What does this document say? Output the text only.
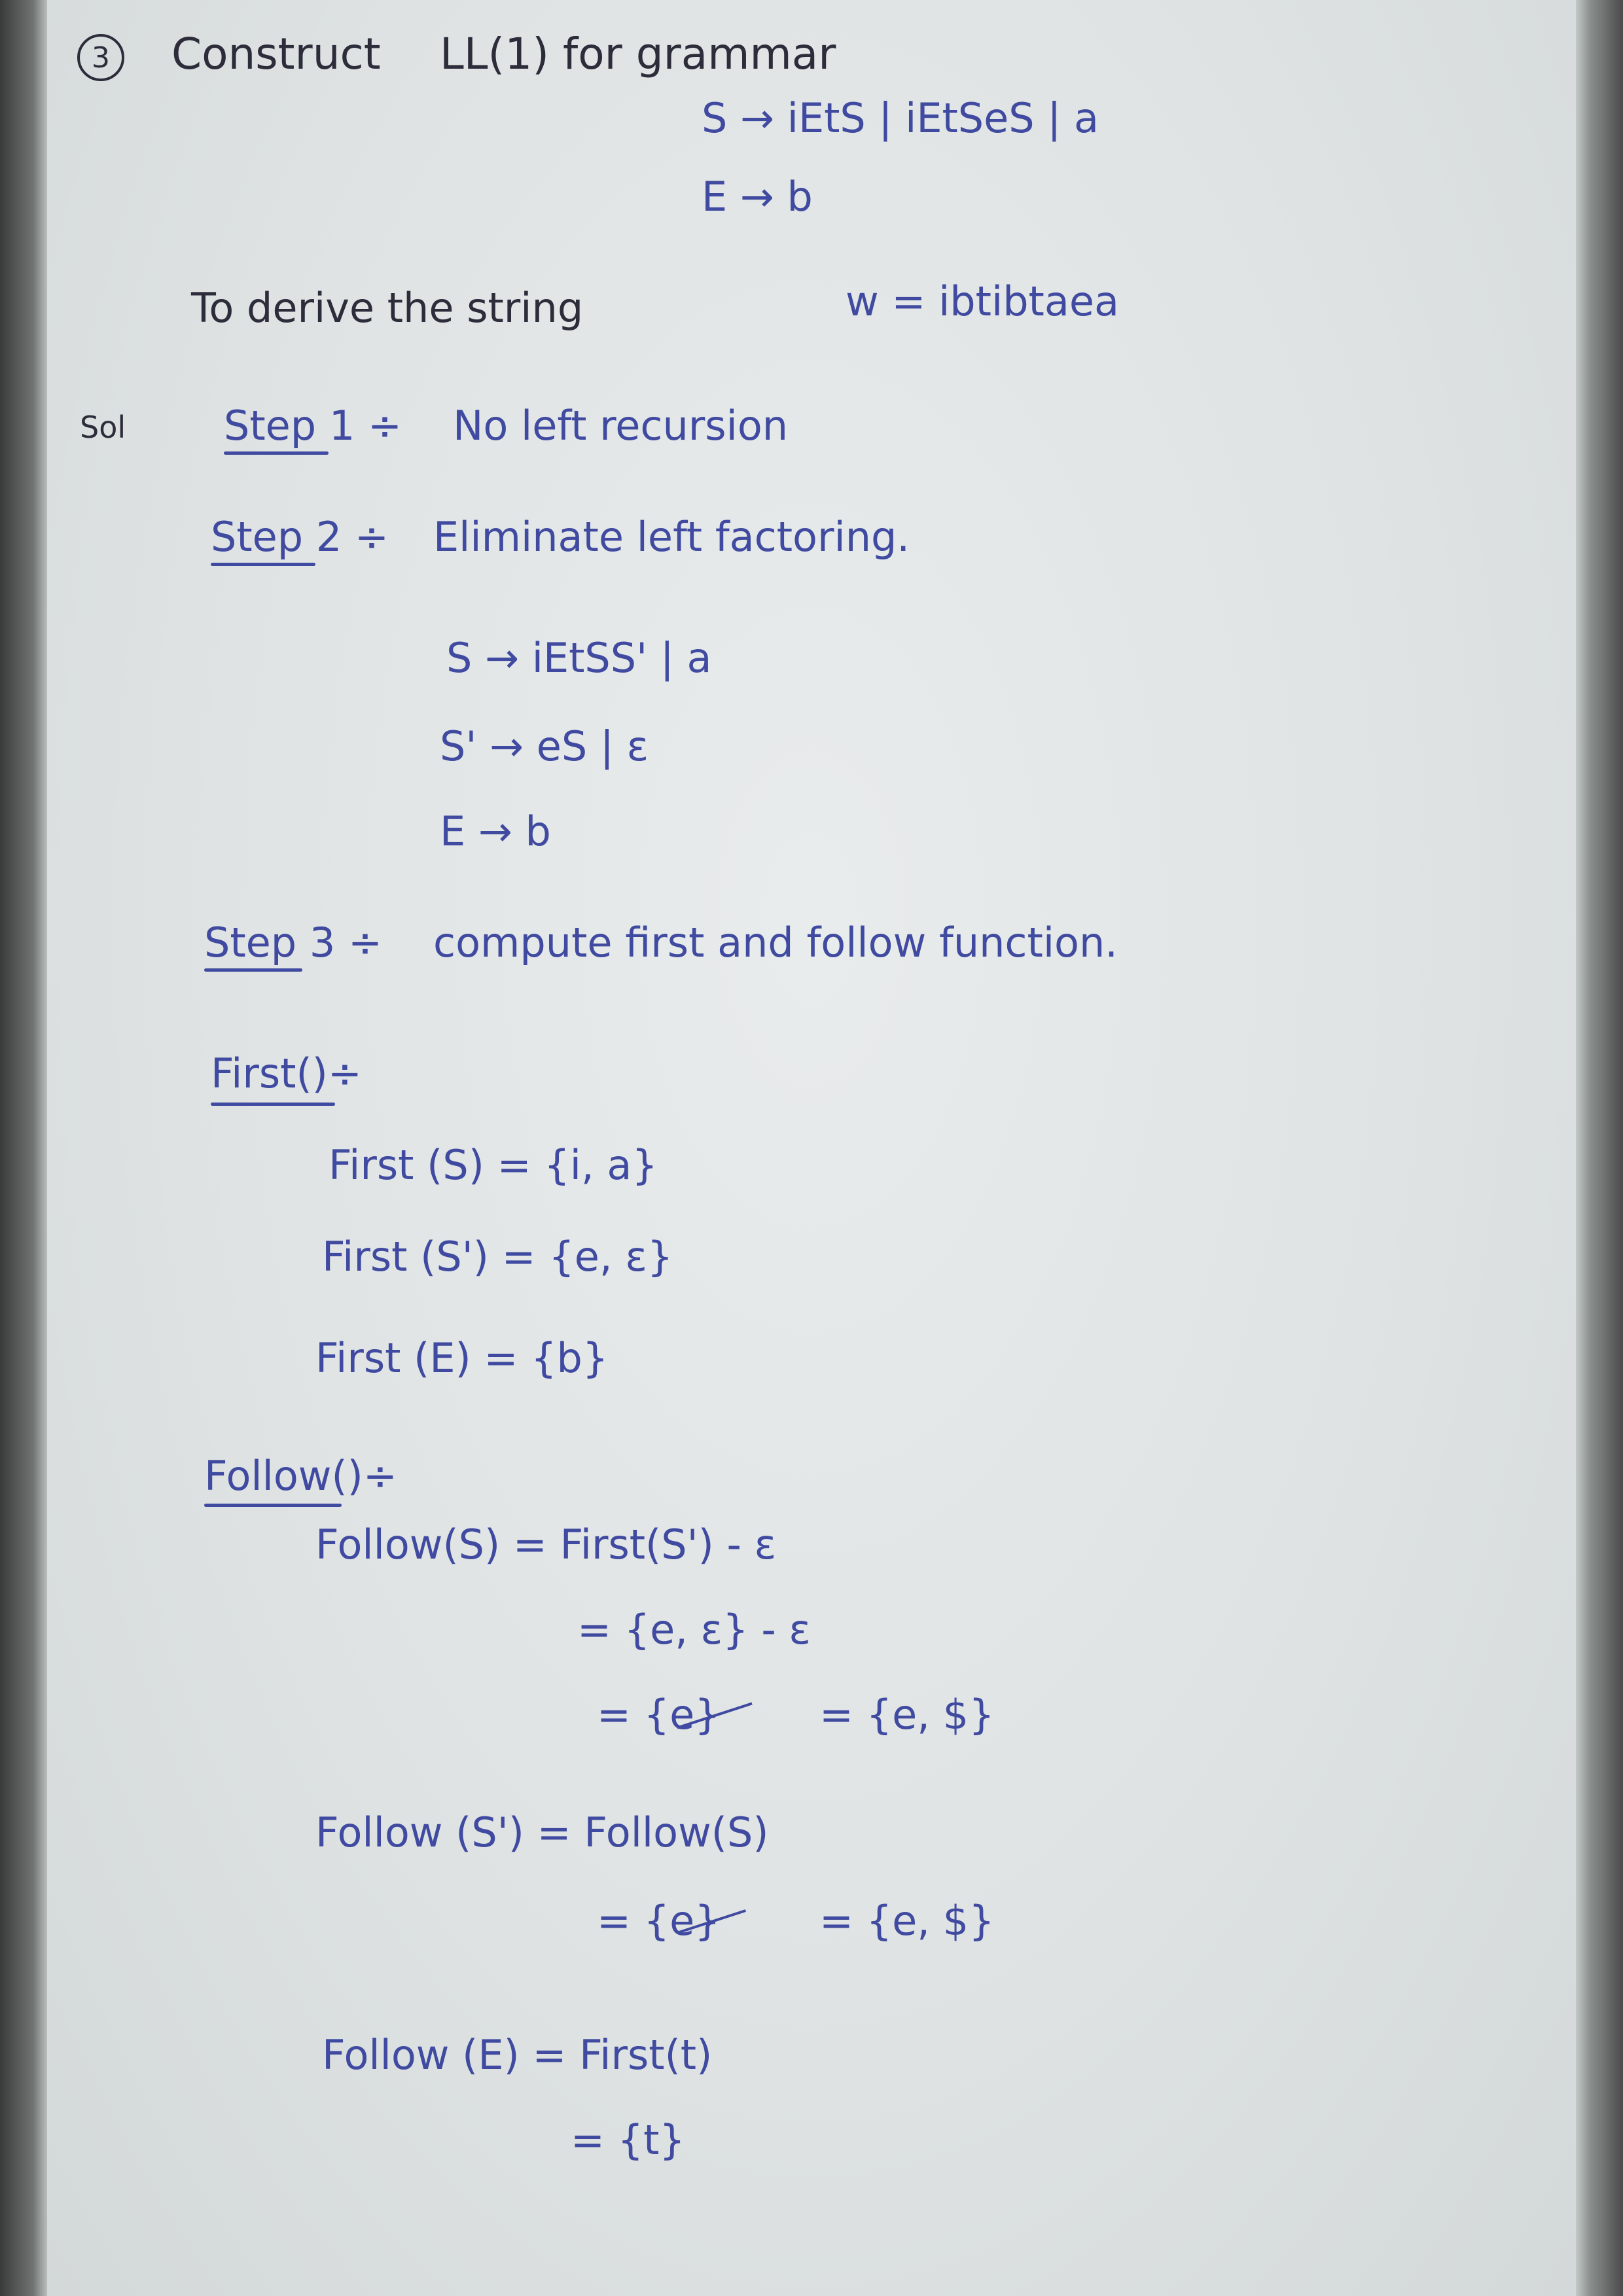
3 Construct LL(1) for grammar
S → iEtS | iEtSeS | a
E → b
To derive the string	w = ibtibtaea
Sol Step 1 ÷ No left recursion
Step 2 ÷ Eliminate left factoring.
S → iEtSS' | a
S' → eS | ε
E → b
Step 3 ÷ compute first and follow function.
First()÷
First (S) = {i, a}
First (S') = {e, ε}
First (E) = {b}
Follow()÷
Follow(S) = First(S') - ε
= {e, ε} - ε
= {e} = {e, $}
Follow (S') = Follow(S)
= {e} = {e, $}
Follow (E) = First(t)
= {t}
